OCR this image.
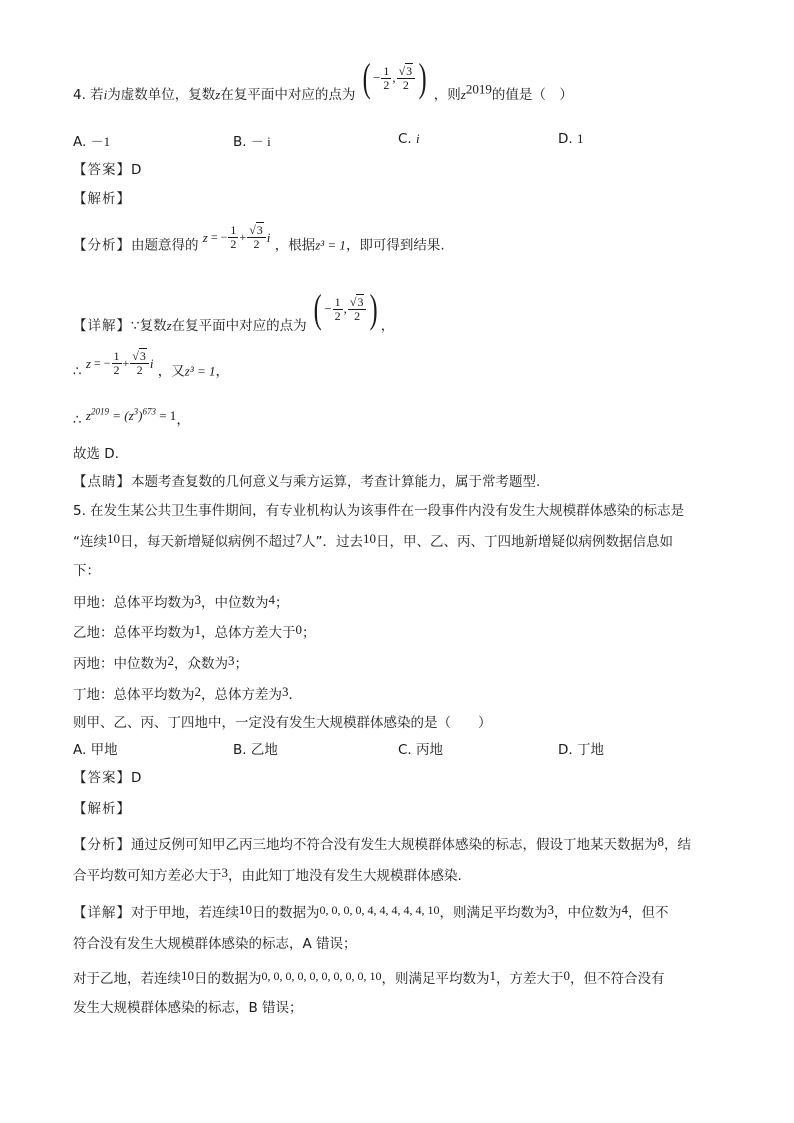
4. 若i为虚数单位，复数z在复平面中对应的点为 ( − $\frac{1}{2}$ , $\frac{√3}{2}$ ) ，则$z^{2019}$的值是（　）
A. －1	B. － i	C. i	D. 1
【答案】D
【解析】
【分析】由题意得的
z = − $\frac{1}{2} + \frac{√3}{2}$ i
，根据z³ = 1，即可得到结果.
【详解】∵复数z在复平面中对应的点为 ( − $\frac{1}{2}$ , $\frac{√3}{2}$ ) ，
∴
z = − $\frac{1}{2} + \frac{√3}{2}$ i
，又z³ = 1，
∴ $z^{2019} = (z^3)^{673} = 1$，
故选 D.
【点睛】本题考查复数的几何意义与乘方运算，考查计算能力，属于常考题型.
5. 在发生某公共卫生事件期间，有专业机构认为该事件在一段事件内没有发生大规模群体感染的标志是
“连续10日，每天新增疑似病例不超过7人”．过去10日，甲、乙、丙、丁四地新增疑似病例数据信息如
下：
甲地：总体平均数为3，中位数为4；
乙地：总体平均数为1，总体方差大于0；
丙地：中位数为2，众数为3；
丁地：总体平均数为2，总体方差为3．
则甲、乙、丙、丁四地中，一定没有发生大规模群体感染的是（　　）
A. 甲地	B. 乙地	C. 丙地	D. 丁地
【答案】D
【解析】
【分析】通过反例可知甲乙丙三地均不符合没有发生大规模群体感染的标志，假设丁地某天数据为8，结
合平均数可知方差必大于3，由此知丁地没有发生大规模群体感染.
【详解】对于甲地，若连续10日的数据为0, 0, 0, 0, 4, 4, 4, 4, 4, 10，则满足平均数为3，中位数为4，但不
符合没有发生大规模群体感染的标志，A 错误；
对于乙地，若连续10日的数据为0, 0, 0, 0, 0, 0, 0, 0, 0, 10，则满足平均数为1，方差大于0，但不符合没有
发生大规模群体感染的标志，B 错误；
